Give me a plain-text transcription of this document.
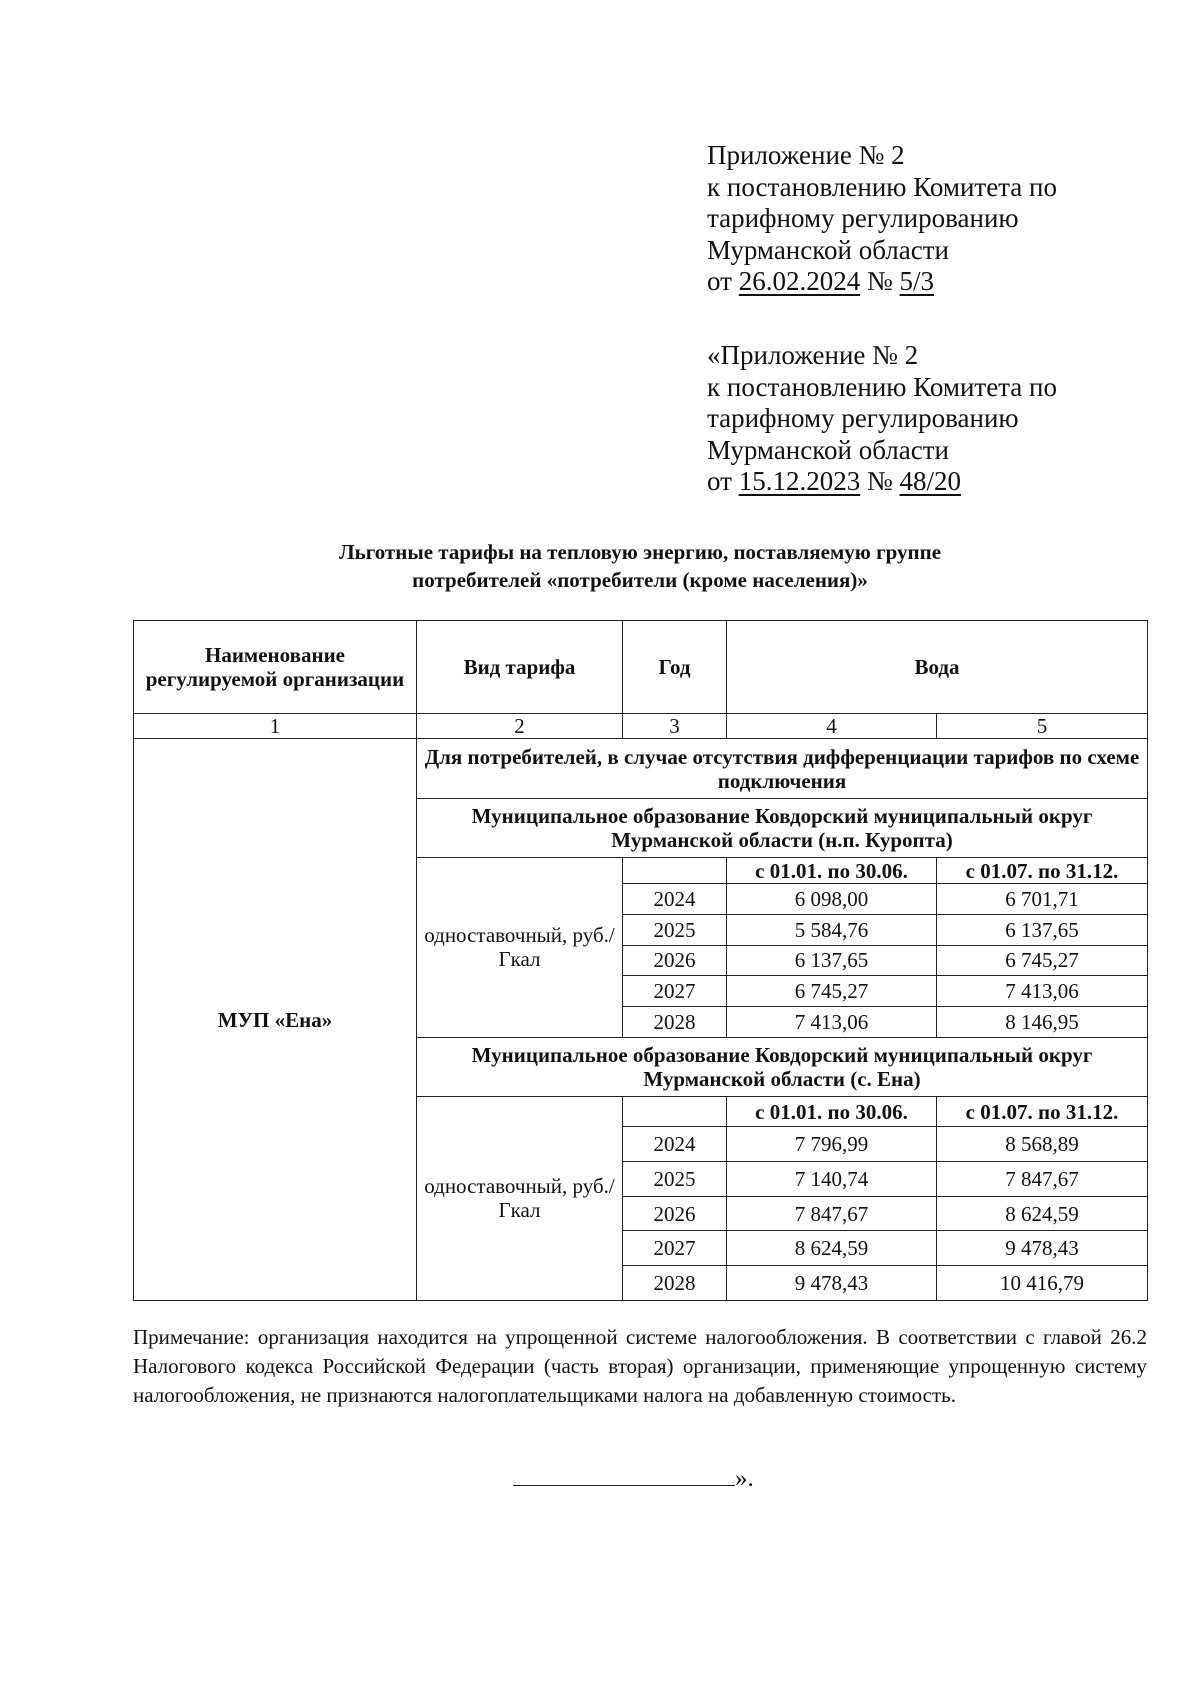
Приложение № 2
к постановлению Комитета по
тарифному регулированию
Мурманской области
от 26.02.2024 № 5/3
«Приложение № 2
к постановлению Комитета по
тарифному регулированию
Мурманской области
от 15.12.2023 № 48/20
Льготные тарифы на тепловую энергию, поставляемую группе
потребителей «потребители (кроме населения)»
Наименование регулируемой организации	Вид тарифа	Год	Вода	
1	2	3	4	5
МУП «Ена»	Для потребителей, в случае отсутствия дифференциации тарифов по схеме подключения			
	Муниципальное образование Ковдорский муниципальный округ Мурманской области (н.п. Куропта)			
	одноставочный, руб./Гкал		с 01.01. по 30.06.	с 01.07. по 31.12.
		2024	6 098,00	6 701,71
		2025	5 584,76	6 137,65
		2026	6 137,65	6 745,27
		2027	6 745,27	7 413,06
		2028	7 413,06	8 146,95
	Муниципальное образование Ковдорский муниципальный округ Мурманской области (с. Ена)			
	одноставочный, руб./Гкал		с 01.01. по 30.06.	с 01.07. по 31.12.
		2024	7 796,99	8 568,89
		2025	7 140,74	7 847,67
		2026	7 847,67	8 624,59
		2027	8 624,59	9 478,43
		2028	9 478,43	10 416,79
Примечание: организация находится на упрощенной системе налогообложения. В соответствии с главой 26.2 Налогового кодекса Российской Федерации (часть вторая) организации, применяющие упрощенную систему налогообложения, не признаются налогоплательщиками налога на добавленную стоимость.
».
